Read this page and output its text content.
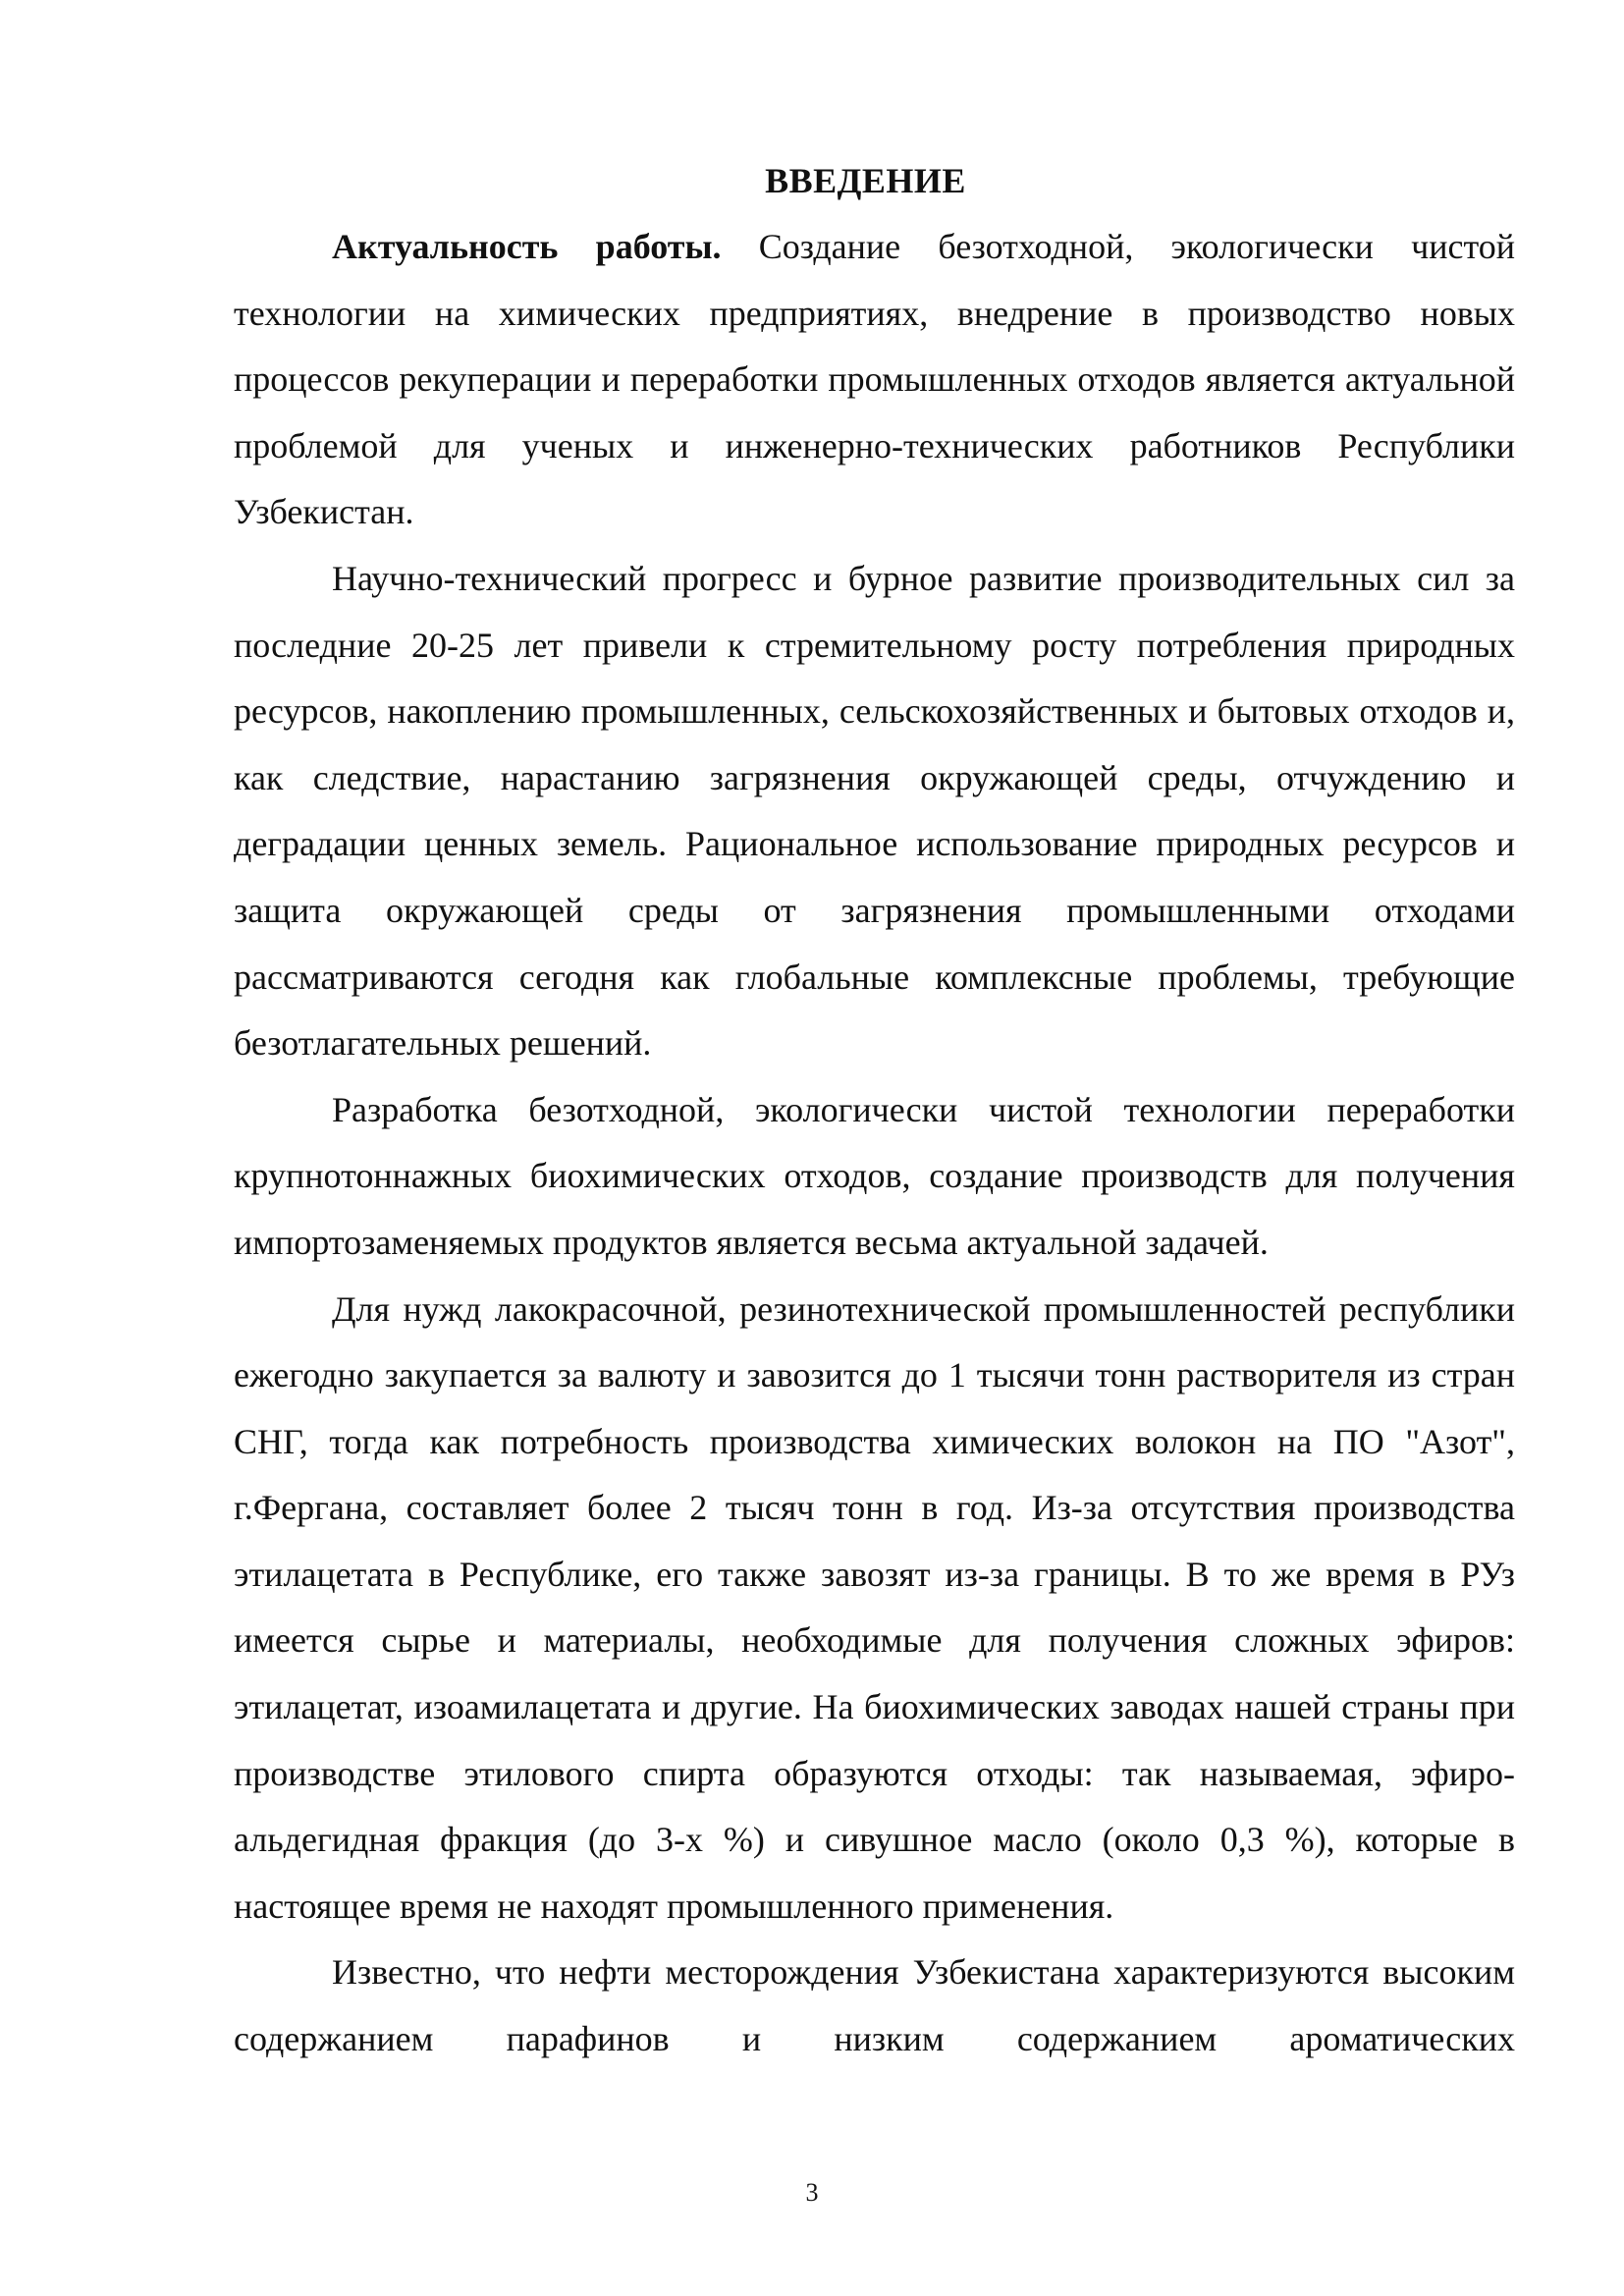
ВВЕДЕНИЕ

Актуальность работы. Создание безотходной, экологически чистой технологии на химических предприятиях, внедрение в производство новых процессов рекуперации и переработки промышленных отходов является актуальной проблемой для ученых и инженерно-технических работников Республики Узбекистан.

Научно-технический прогресс и бурное развитие производительных сил за последние 20-25 лет привели к стремительному росту потребления природных ресурсов, накоплению промышленных, сельскохозяйственных и бытовых отходов и, как следствие, нарастанию загрязнения окружающей среды, отчуждению и деградации ценных земель. Рациональное использование природных ресурсов и защита окружающей среды от загрязнения промышленными отходами рассматриваются сегодня как глобальные комплексные проблемы, требующие безотлагательных решений.

Разработка безотходной, экологически чистой технологии переработки крупнотоннажных биохимических отходов, создание производств для получения импортозаменяемых продуктов является весьма актуальной задачей.

Для нужд лакокрасочной, резинотехнической промышленностей республики ежегодно закупается за валюту и завозится до 1 тысячи тонн растворителя из стран СНГ, тогда как потребность производства химических волокон на ПО "Азот", г.Фергана, составляет более 2 тысяч тонн в год. Из-за отсутствия производства этилацетата в Республике, его также завозят из-за границы. В то же время в РУз имеется сырье и материалы, необходимые для получения сложных эфиров: этилацетат, изоамилацетата и другие. На биохимических заводах нашей страны при производстве этилового спирта образуются отходы: так называемая, эфиро-альдегидная фракция (до 3-х %) и сивушное масло (около 0,3 %), которые в настоящее время не находят промышленного применения.

Известно, что нефти месторождения Узбекистана характеризуются высоким содержанием парафинов и низким содержанием ароматических

3
